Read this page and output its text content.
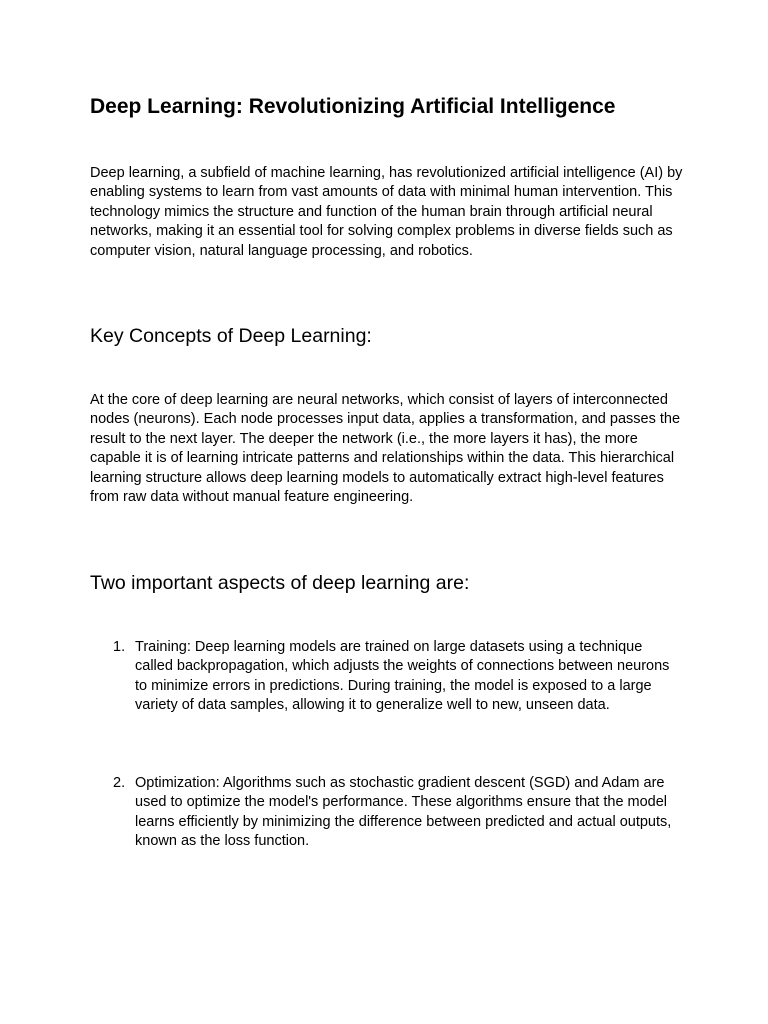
Deep Learning: Revolutionizing Artificial Intelligence

Deep learning, a subfield of machine learning, has revolutionized artificial intelligence (AI) by enabling systems to learn from vast amounts of data with minimal human intervention. This technology mimics the structure and function of the human brain through artificial neural networks, making it an essential tool for solving complex problems in diverse fields such as computer vision, natural language processing, and robotics.

Key Concepts of Deep Learning:

At the core of deep learning are neural networks, which consist of layers of interconnected nodes (neurons). Each node processes input data, applies a transformation, and passes the result to the next layer. The deeper the network (i.e., the more layers it has), the more capable it is of learning intricate patterns and relationships within the data. This hierarchical learning structure allows deep learning models to automatically extract high-level features from raw data without manual feature engineering.

Two important aspects of deep learning are:
1. Training: Deep learning models are trained on large datasets using a technique called backpropagation, which adjusts the weights of connections between neurons to minimize errors in predictions. During training, the model is exposed to a large variety of data samples, allowing it to generalize well to new, unseen data.

2. Optimization: Algorithms such as stochastic gradient descent (SGD) and Adam are used to optimize the model's performance. These algorithms ensure that the model learns efficiently by minimizing the difference between predicted and actual outputs, known as the loss function.
